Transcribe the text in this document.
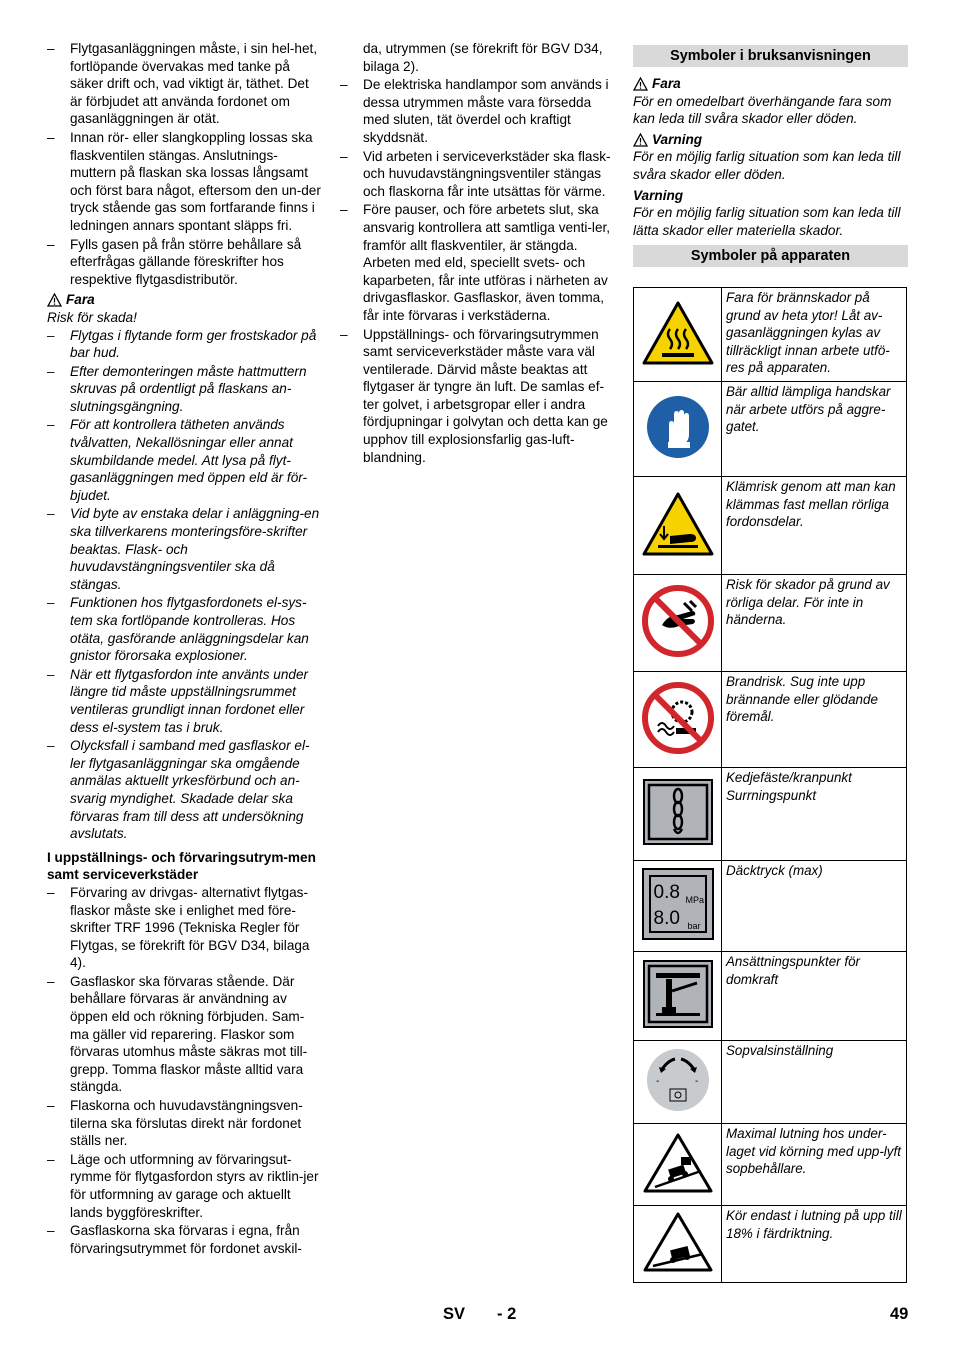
– Flytgasanläggningen måste, i sin hel-het, fortlöpande övervakas med tanke på säker drift och, vad viktigt är, täthet. Det är förbjudet att använda fordonet om gasanläggningen är otät.
– Innan rör- eller slangkoppling lossas ska flaskventilen stängas. Anslutnings-muttern på flaskan ska lossas långsamt och först bara något, eftersom den un-der tryck stående gas som fortfarande finns i ledningen annars spontant släpps fri.
– Fylls gasen på från större behållare så efterfrågas gällande föreskrifter hos respektive flytgasdistributör.
Fara
Risk för skada!
– Flytgas i flytande form ger frostskador på bar hud.
– Efter demonteringen måste hattmuttern skruvas på ordentligt på flaskans an-slutningsgängning.
– För att kontrollera tätheten används tvålvatten, Nekallösningar eller annat skumbildande medel. Att lysa på flyt-gasanläggningen med öppen eld är för-bjudet.
– Vid byte av enstaka delar i anläggning-en ska tillverkarens monteringsföre-skrifter beaktas. Flask- och huvudavstängningsventiler ska då stängas.
– Funktionen hos flytgasfordonets el-sys-tem ska fortlöpande kontrolleras. Hos otäta, gasförande anläggningsdelar kan gnistor förorsaka explosioner.
– När ett flytgasfordon inte använts under längre tid måste uppställningsrummet ventileras grundligt innan fordonet eller dess el-system tas i bruk.
– Olycksfall i samband med gasflaskor el-ler flytgasanläggningar ska omgående anmälas aktuellt yrkesförbund och an-svarig myndighet. Skadade delar ska förvaras fram till dess att undersökning avslutats.
I uppställnings- och förvaringsutrym-men samt serviceverkstäder
– Förvaring av drivgas- alternativt flytgas-flaskor måste ske i enlighet med före-skrifter TRF 1996 (Tekniska Regler för Flytgas, se förekrift för BGV D34, bilaga 4).
– Gasflaskor ska förvaras stående. Där behållare förvaras är användning av öppen eld och rökning förbjuden. Sam-ma gäller vid reparering. Flaskor som förvaras utomhus måste säkras mot till-grepp. Tomma flaskor måste alltid vara stängda.
– Flaskorna och huvudavstängningsven-tilerna ska förslutas direkt när fordonet ställs ner.
– Läge och utformning av förvaringsut-rymme för flytgasfordon styrs av riktlin-jer för utformning av garage och aktuellt lands byggföreskrifter.
– Gasflaskorna ska förvaras i egna, från förvaringsutrymmet för fordonet avskil-
da, utrymmen (se förekrift för BGV D34, bilaga 2).
– De elektriska handlampor som används i dessa utrymmen måste vara försedda med sluten, tät överdel och kraftigt skyddsnät.
– Vid arbeten i serviceverkstäder ska flask- och huvudavstängningsventiler stängas och flaskorna får inte utsättas för värme.
– Före pauser, och före arbetets slut, ska ansvarig kontrollera att samtliga venti-ler, framför allt flaskventiler, är stängda. Arbeten med eld, speciellt svets- och kaparbeten, får inte utföras i närheten av drivgasflaskor. Gasflaskor, även tomma, får inte förvaras i verkstäderna.
– Uppställnings- och förvaringsutrymmen samt serviceverkstäder måste vara väl ventilerade. Därvid måste beaktas att flytgaser är tyngre än luft. De samlas ef-ter golvet, i arbetsgropar eller i andra fördjupningar i golvytan och detta kan ge upphov till explosionsfarlig gas-luft-blandning.
Symboler i bruksanvisningen
Fara

För en omedelbart överhängande fara som kan leda till svåra skador eller döden.

Varning

För en möjlig farlig situation som kan leda till svåra skador eller döden.

Varning

För en möjlig farlig situation som kan leda till lätta skador eller materiella skador.

Symboler på apparaten
	Fara för brännskador på grund av heta ytor! Låt av-gasanläggningen kylas av tillräckligt innan arbete utfö-res på apparaten.
	Bär alltid lämpliga handskar när arbete utförs på aggre-gatet.
	Klämrisk genom att man kan klämmas fast mellan rörliga fordonsdelar.
	Risk för skador på grund av rörliga delar. För inte in händerna.
	Brandrisk. Sug inte upp brännande eller glödande föremål.
	Kedjefäste/kranpunkt Surrningspunkt

0.8 MPa
8.0 bar	Däcktryck (max)
	Ansättningspunkter för domkraft

- -	Sopvalsinställning
	Maximal lutning hos under-laget vid körning med upp-lyft sopbehållare.
	Kör endast i lutning på upp till 18% i färdriktning.
SV - 2	49
